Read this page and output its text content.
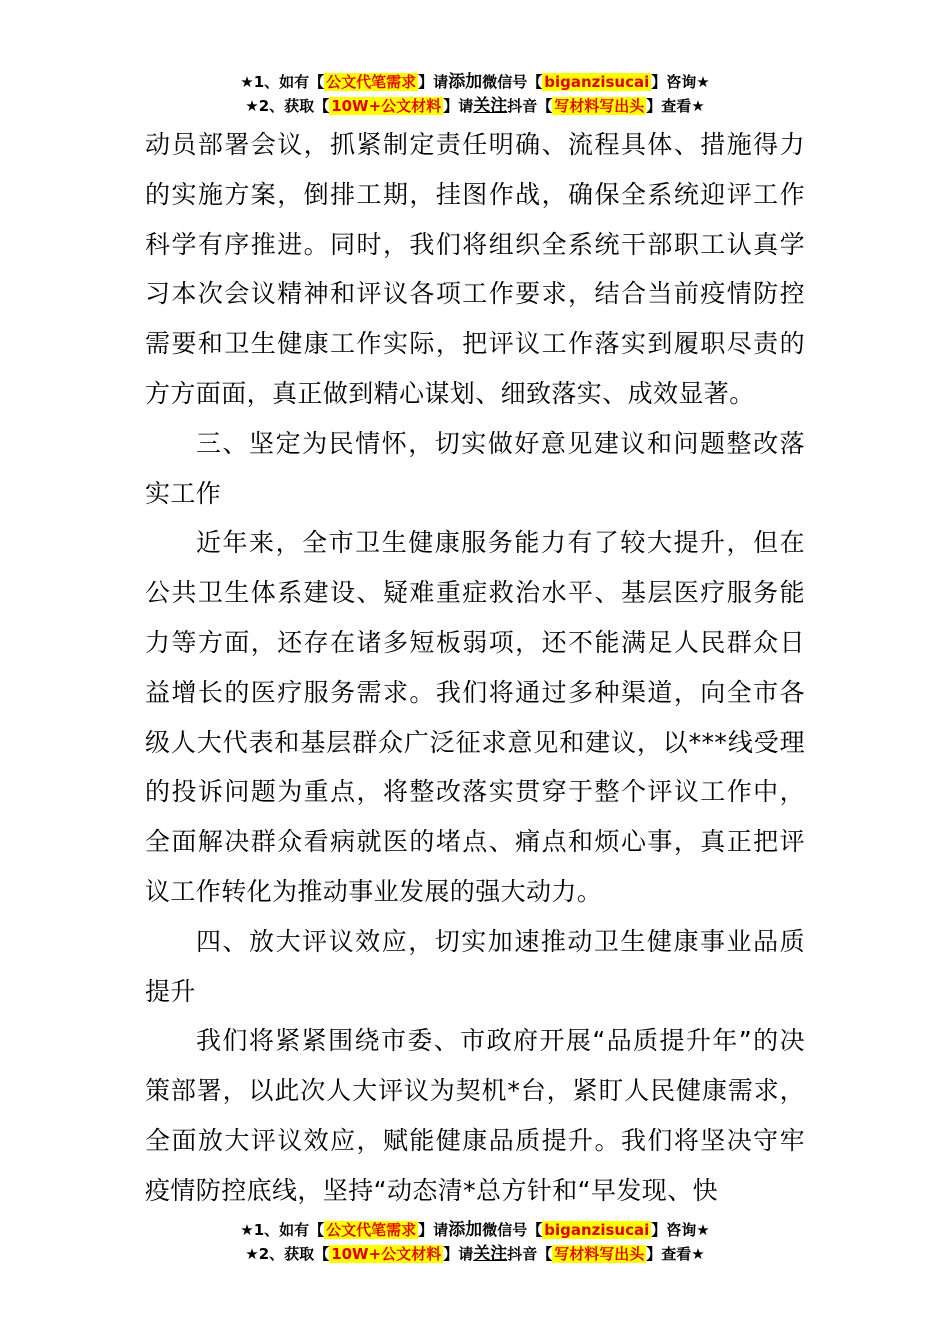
★1、如有【 公文代笔需求 】请添加微信号【 biganzisucai 】咨询★
★2、获取【 10W+公文材料 】请关注抖音【 写材料写出头 】查看★

动员部署会议，抓紧制定责任明确、流程具体、措施得力的实施方案，倒排工期，挂图作战，确保全系统迎评工作科学有序推进。同时，我们将组织全系统干部职工认真学习本次会议精神和评议各项工作要求，结合当前疫情防控需要和卫生健康工作实际，把评议工作落实到履职尽责的方方面面，真正做到精心谋划、细致落实、成效显著。

三、坚定为民情怀，切实做好意见建议和问题整改落实工作

近年来，全市卫生健康服务能力有了较大提升，但在公共卫生体系建设、疑难重症救治水平、基层医疗服务能力等方面，还存在诸多短板弱项，还不能满足人民群众日益增长的医疗服务需求。我们将通过多种渠道，向全市各级人大代表和基层群众广泛征求意见和建议，以***线受理的投诉问题为重点，将整改落实贯穿于整个评议工作中，全面解决群众看病就医的堵点、痛点和烦心事，真正把评议工作转化为推动事业发展的强大动力。

四、放大评议效应，切实加速推动卫生健康事业品质提升

我们将紧紧围绕市委、市政府开展“品质提升年”的决策部署，以此次人大评议为契机*台，紧盯人民健康需求，全面放大评议效应，赋能健康品质提升。我们将坚决守牢疫情防控底线，坚持“动态清*总方针和“早发现、快

★1、如有【 公文代笔需求 】请添加微信号【 biganzisucai 】咨询★
★2、获取【 10W+公文材料 】请关注抖音【 写材料写出头 】查看★
